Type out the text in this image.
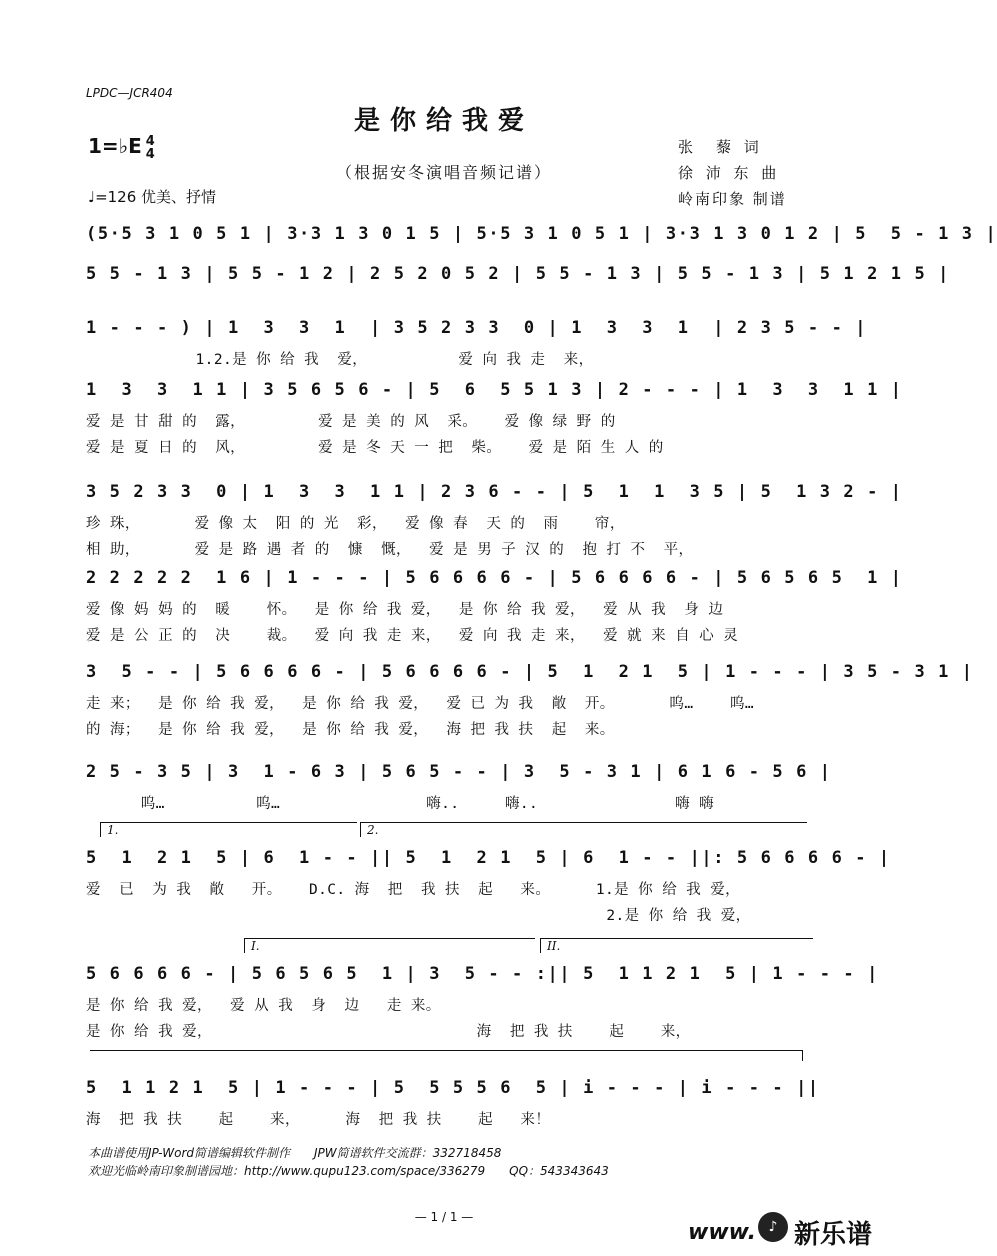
LPDC—JCR404
是你给我爱
（根据安冬演唱音频记谱）
1=♭E 4
4
♩=126 优美、抒情
张　藜 词
徐 沛 东 曲
岭南印象 制谱
(5·5 3 1 0 5 1 | 3·3 1 3 0 1 5 | 5·5 3 1 0 5 1 | 3·3 1 3 0 1 2 | 5  5 - 1 3 |
5 5 - 1 3 | 5 5 - 1 2 | 2 5 2 0 5 2 | 5 5 - 1 3 | 5 5 - 1 3 | 5 1 2 1 5 |
1 - - - ) | 1  3  3  1  | 3 5 2 3 3  0 | 1  3  3  1  | 2 3 5 - - |
1.2.是 你 给 我  爱，          爱 向 我 走  来，
1  3  3  1 1 | 3 5 6 5 6 - | 5  6  5 5 1 3 | 2 - - - | 1  3  3  1 1 |
爱 是 甘 甜 的  露，        爱 是 美 的 风  采。   爱 像 绿 野 的
爱 是 夏 日 的  风，        爱 是 冬 天 一 把  柴。   爱 是 陌 生 人 的
3 5 2 3 3  0 | 1  3  3  1 1 | 2 3 6 - - | 5  1  1  3 5 | 5  1 3 2 - |
珍 珠，      爱 像 太  阳 的 光  彩，  爱 像 春  天 的  雨    帘，
相 助，      爱 是 路 遇 者 的  慷  慨，  爱 是 男 子 汉 的  抱 打 不  平，
2 2 2 2 2  1 6 | 1 - - - | 5 6 6 6 6 - | 5 6 6 6 6 - | 5 6 5 6 5  1 |
爱 像 妈 妈 的  暖    怀。  是 你 给 我 爱，  是 你 给 我 爱，  爱 从 我  身 边
爱 是 公 正 的  决    裁。  爱 向 我 走 来，  爱 向 我 走 来，  爱 就 来 自 心 灵
3  5 - - | 5 6 6 6 6 - | 5 6 6 6 6 - | 5  1  2 1  5 | 1 - - - | 3 5 - 3 1 |
走 来；  是 你 给 我 爱，  是 你 给 我 爱，  爱 已 为 我  敞  开。      呜…    呜…
的 海；  是 你 给 我 爱，  是 你 给 我 爱，  海 把 我 扶  起  来。
2 5 - 3 5 | 3  1 - 6 3 | 5 6 5 - - | 3  5 - 3 1 | 6 1 6 - 5 6 |
呜…          呜…                嗨..     嗨..               嗨 嗨
5  1  2 1  5 | 6  1 - - || 5  1  2 1  5 | 6  1 - - ||: 5 6 6 6 6 - |
爱  已  为 我  敞   开。   D.C. 海  把  我 扶  起   来。     1.是 你 给 我 爱，
2.是 你 给 我 爱，
5 6 6 6 6 - | 5 6 5 6 5  1 | 3  5 - - :|| 5  1 1 2 1  5 | 1 - - - |
是 你 给 我 爱，  爱 从 我  身  边   走 来。
是 你 给 我 爱，                             海  把 我 扶    起    来，
5  1 1 2 1  5 | 1 - - - | 5  5 5 5 6  5 | i - - - | i - - - ||
海  把 我 扶    起    来，     海  把 我 扶    起   来！
1.	2.
I.	II.
本曲谱使用JP-Word简谱编辑软件制作　　JPW简谱软件交流群：332718458
欢迎光临岭南印象制谱园地：http://www.qupu123.com/space/336279　　QQ：543343643
— 1 / 1 —
www. ♪ 新乐谱
